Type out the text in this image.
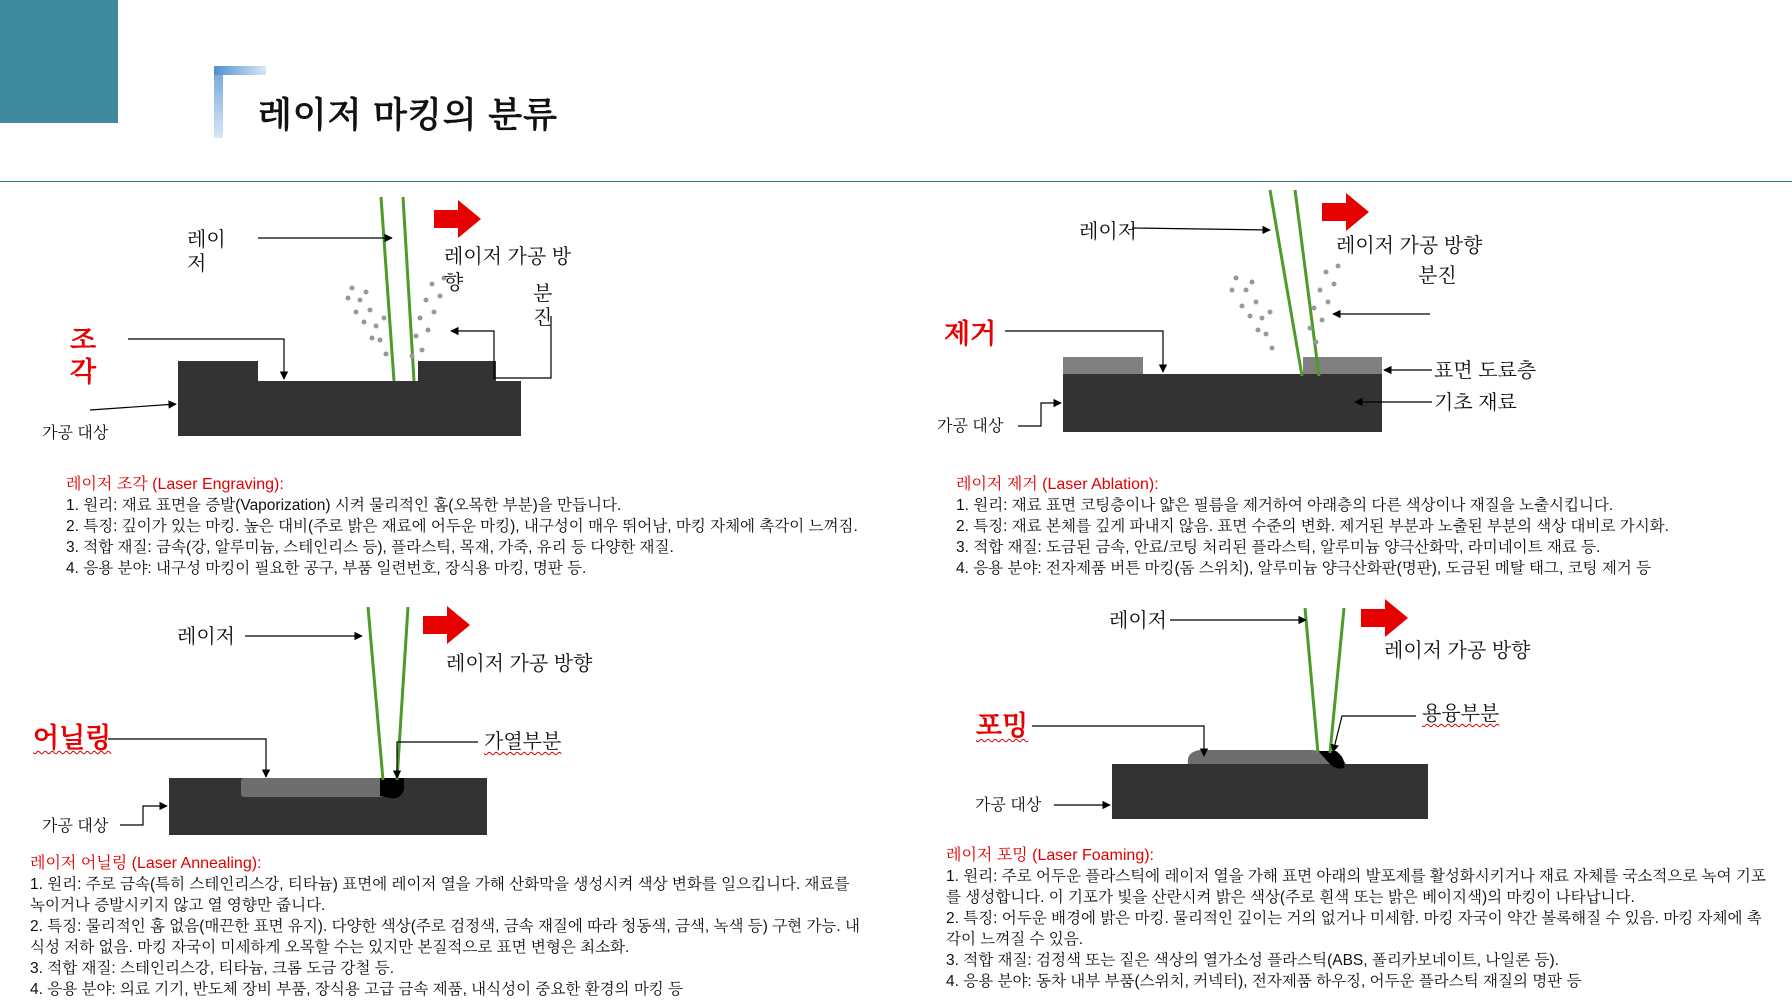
레이저 마킹의 분류
조
각
레이
저	레이저 가공 방
향	분
진
가공 대상
제거
레이저
레이저 가공 방향
분진
표면 도료층
기초 재료
가공 대상
어닐링
레이저
레이저 가공 방향
가열부분
가공 대상
포밍
레이저
레이저 가공 방향
용융부분
가공 대상
레이저 조각 (Laser Engraving):
1. 원리: 재료 표면을 증발(Vaporization) 시켜 물리적인 홈(오목한 부분)을 만듭니다.
2. 특징: 깊이가 있는 마킹. 높은 대비(주로 밝은 재료에 어두운 마킹), 내구성이 매우 뛰어남, 마킹 자체에 촉각이 느껴짐.
3. 적합 재질: 금속(강, 알루미늄, 스테인리스 등), 플라스틱, 목재, 가죽, 유리 등 다양한 재질.
4. 응용 분야: 내구성 마킹이 필요한 공구, 부품 일련번호, 장식용 마킹, 명판 등.
레이저 제거 (Laser Ablation):
1. 원리: 재료 표면 코팅층이나 얇은 필름을 제거하여 아래층의 다른 색상이나 재질을 노출시킵니다.
2. 특징: 재료 본체를 깊게 파내지 않음. 표면 수준의 변화. 제거된 부분과 노출된 부분의 색상 대비로 가시화.
3. 적합 재질: 도금된 금속, 안료/코팅 처리된 플라스틱, 알루미늄 양극산화막, 라미네이트 재료 등.
4. 응용 분야: 전자제품 버튼 마킹(돔 스위치), 알루미늄 양극산화판(명판), 도금된 메탈 태그, 코팅 제거 등
레이저 어닐링 (Laser Annealing):
1. 원리: 주로 금속(특히 스테인리스강, 티타늄) 표면에 레이저 열을 가해 산화막을 생성시켜 색상 변화를 일으킵니다. 재료를 녹이거나 증발시키지 않고 열 영향만 줍니다.
2. 특징: 물리적인 홈 없음(매끈한 표면 유지). 다양한 색상(주로 검정색, 금속 재질에 따라 청동색, 금색, 녹색 등) 구현 가능. 내식성 저하 없음. 마킹 자국이 미세하게 오목할 수는 있지만 본질적으로 표면 변형은 최소화.
3. 적합 재질: 스테인리스강, 티타늄, 크롬 도금 강철 등.
4. 응용 분야: 의료 기기, 반도체 장비 부품, 장식용 고급 금속 제품, 내식성이 중요한 환경의 마킹 등
레이저 포밍 (Laser Foaming):
1. 원리: 주로 어두운 플라스틱에 레이저 열을 가해 표면 아래의 발포제를 활성화시키거나 재료 자체를 국소적으로 녹여 기포를 생성합니다. 이 기포가 빛을 산란시켜 밝은 색상(주로 흰색 또는 밝은 베이지색)의 마킹이 나타납니다.
2. 특징: 어두운 배경에 밝은 마킹. 물리적인 깊이는 거의 없거나 미세함. 마킹 자국이 약간 볼록해질 수 있음. 마킹 자체에 촉각이 느껴질 수 있음.
3. 적합 재질: 검정색 또는 짙은 색상의 열가소성 플라스틱(ABS, 폴리카보네이트, 나일론 등).
4. 응용 분야: 동차 내부 부품(스위치, 커넥터), 전자제품 하우징, 어두운 플라스틱 재질의 명판 등
